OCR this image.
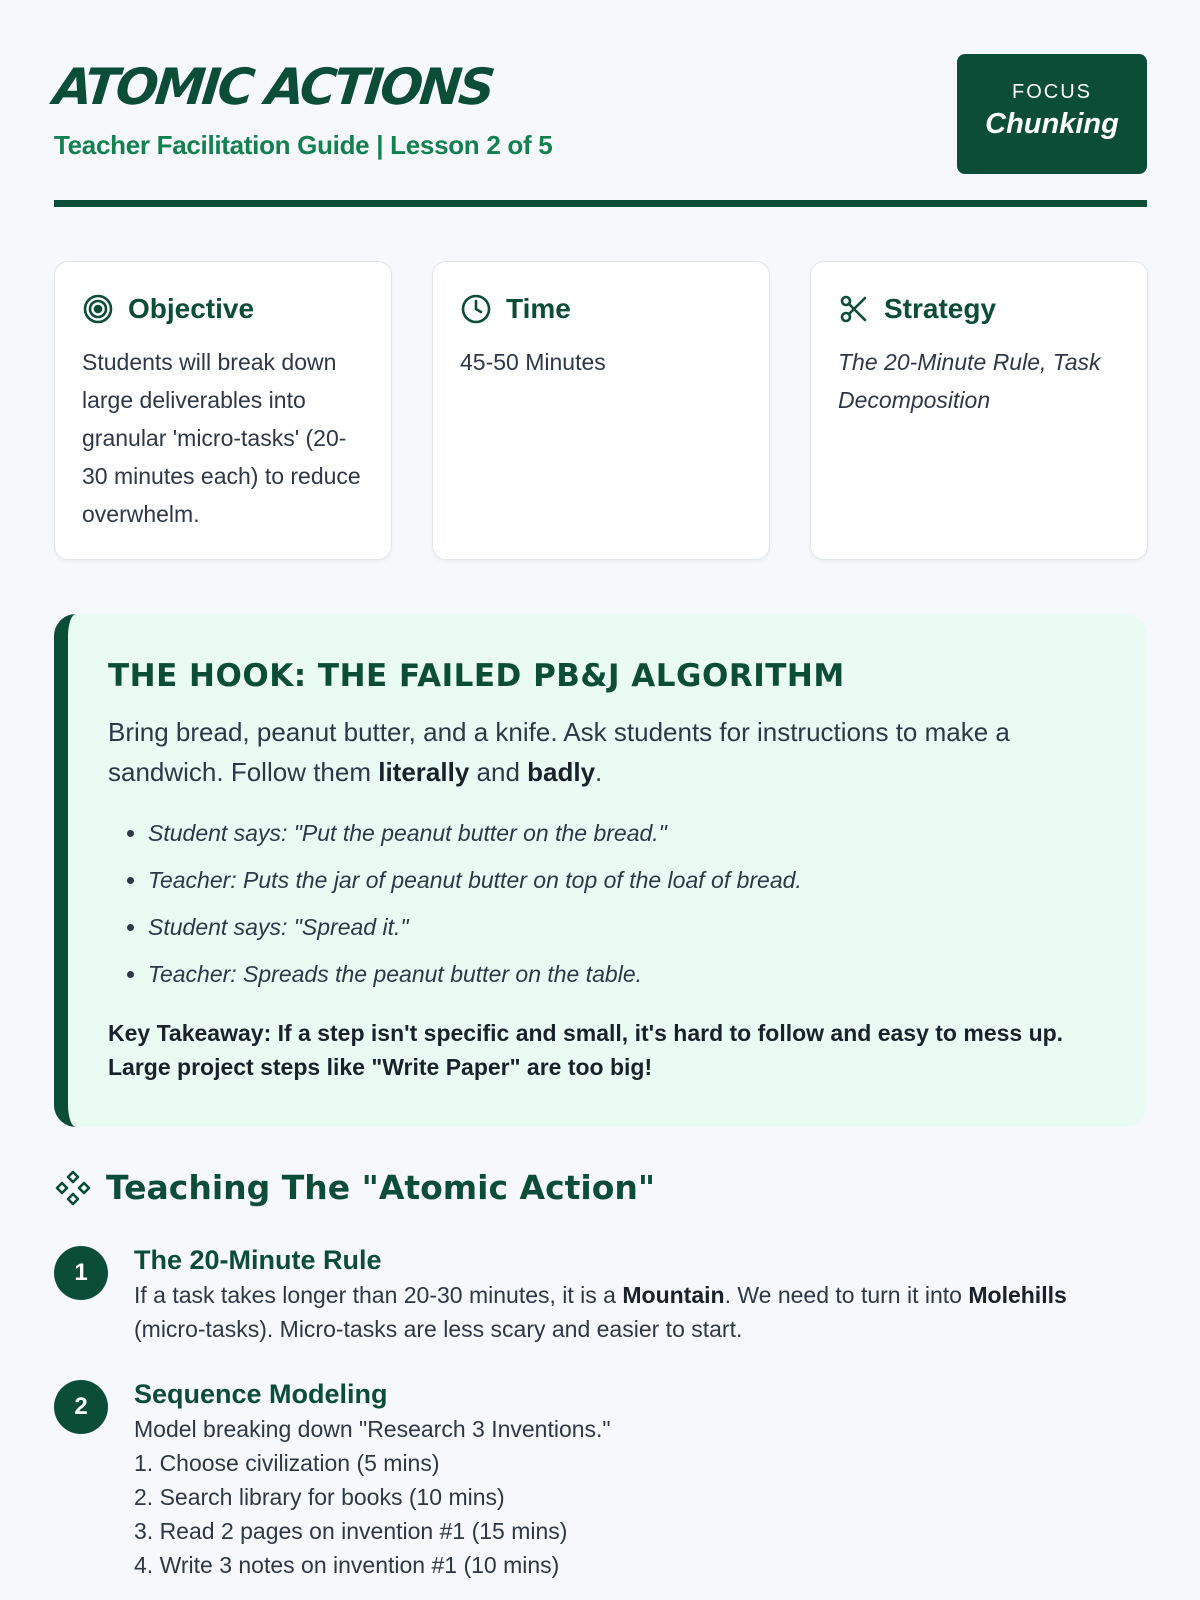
ATOMIC ACTIONS
Teacher Facilitation Guide | Lesson 2 of 5
FOCUS
Chunking
Objective
Students will break down large deliverables into granular 'micro-tasks' (20-30 minutes each) to reduce overwhelm.
Time
45-50 Minutes
Strategy
The 20-Minute Rule, Task Decomposition
THE HOOK: THE FAILED PB&J ALGORITHM

Bring bread, peanut butter, and a knife. Ask students for instructions to make a sandwich. Follow them literally and badly.

• Student says: "Put the peanut butter on the bread."
• Teacher: Puts the jar of peanut butter on top of the loaf of bread.
• Student says: "Spread it."
• Teacher: Spreads the peanut butter on the table.

Key Takeaway: If a step isn't specific and small, it's hard to follow and easy to mess up. Large project steps like "Write Paper" are too big!

Teaching The "Atomic Action"
1	The 20-Minute Rule
If a task takes longer than 20-30 minutes, it is a Mountain. We need to turn it into Molehills (micro-tasks). Micro-tasks are less scary and easier to start.
2	Sequence Modeling
Model breaking down "Research 3 Inventions."
1. Choose civilization (5 mins)
2. Search library for books (10 mins)
3. Read 2 pages on invention #1 (15 mins)
4. Write 3 notes on invention #1 (10 mins)
